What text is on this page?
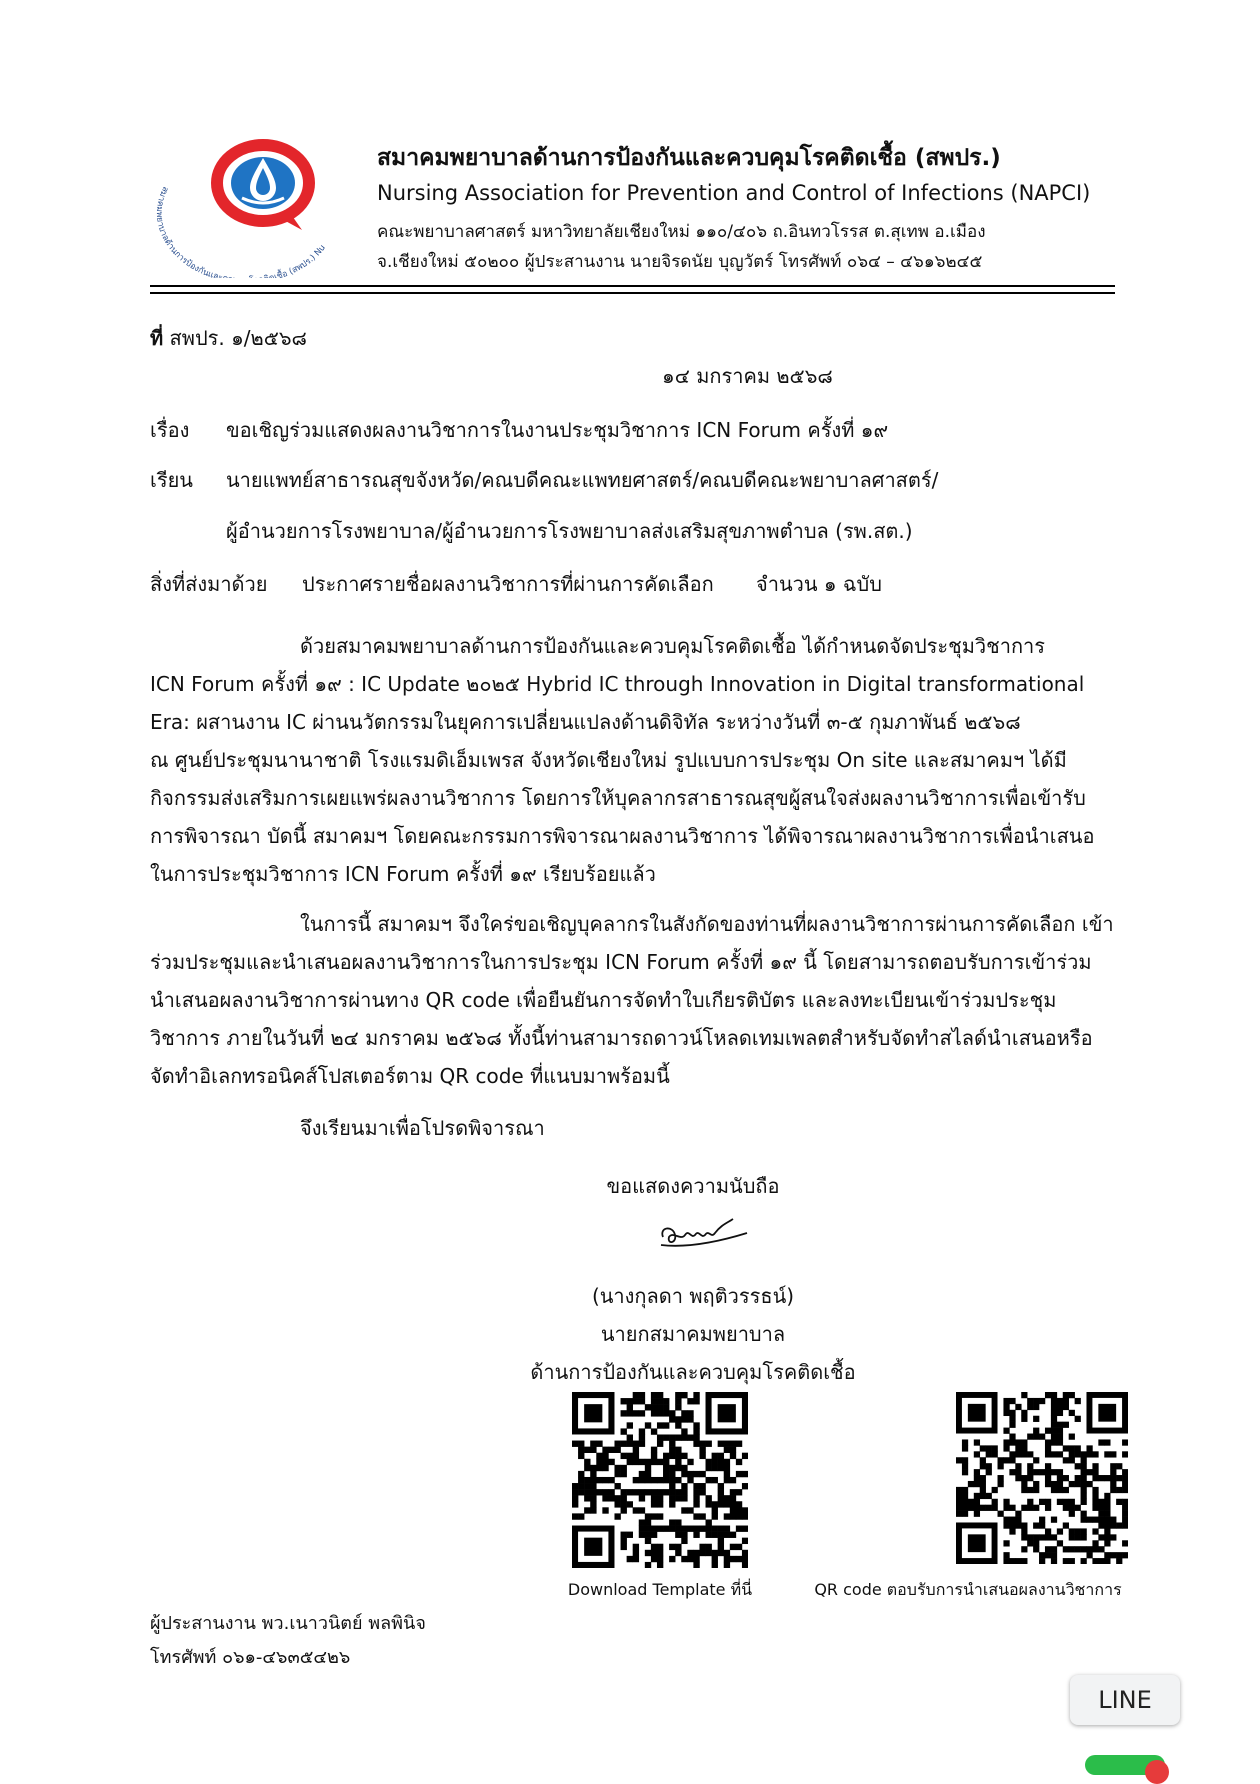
สมาคมพยาบาลด้านการป้องกันและ เชื้อ (สพปร.) Nu
สมาคมพยาบาลด้านการป้องกันและควบคุมโรคติดเชื้อ (สพปร.)
Nursing Association for Prevention and Control of Infections (NAPCI)
คณะพยาบาลศาสตร์ มหาวิทยาลัยเชียงใหม่ ๑๑๐/๔๐๖ ถ.อินทวโรรส ต.สุเทพ อ.เมือง
จ.เชียงใหม่ ๕๐๒๐๐ ผู้ประสานงาน นายจิรดนัย บุญวัตร์ โทรศัพท์ ๐๖๔ – ๔๖๑๖๒๔๕
ที่ สพปร. ๑/๒๕๖๘
๑๔ มกราคม ๒๕๖๘
เรื่อง ขอเชิญร่วมแสดงผลงานวิชาการในงานประชุมวิชาการ ICN Forum ครั้งที่ ๑๙
เรียน นายแพทย์สาธารณสุขจังหวัด/คณบดีคณะแพทยศาสตร์/คณบดีคณะพยาบาลศาสตร์/
ผู้อำนวยการโรงพยาบาล/ผู้อำนวยการโรงพยาบาลส่งเสริมสุขภาพตำบล (รพ.สต.)
สิ่งที่ส่งมาด้วย ประกาศรายชื่อผลงานวิชาการที่ผ่านการคัดเลือก จำนวน ๑ ฉบับ
ด้วยสมาคมพยาบาลด้านการป้องกันและควบคุมโรคติดเชื้อ ได้กำหนดจัดประชุมวิชาการ
ICN Forum ครั้งที่ ๑๙ : IC Update ๒๐๒๕ Hybrid IC through Innovation in Digital transformational
Era: ผสานงาน IC ผ่านนวัตกรรมในยุคการเปลี่ยนแปลงด้านดิจิทัล ระหว่างวันที่ ๓-๕ กุมภาพันธ์ ๒๕๖๘
ณ ศูนย์ประชุมนานาชาติ โรงแรมดิเอ็มเพรส จังหวัดเชียงใหม่ รูปแบบการประชุม On site และสมาคมฯ ได้มี
กิจกรรมส่งเสริมการเผยแพร่ผลงานวิชาการ โดยการให้บุคลากรสาธารณสุขผู้สนใจส่งผลงานวิชาการเพื่อเข้ารับ
การพิจารณา บัดนี้ สมาคมฯ โดยคณะกรรมการพิจารณาผลงานวิชาการ ได้พิจารณาผลงานวิชาการเพื่อนำเสนอ
ในการประชุมวิชาการ ICN Forum ครั้งที่ ๑๙ เรียบร้อยแล้ว
ในการนี้ สมาคมฯ จึงใคร่ขอเชิญบุคลากรในสังกัดของท่านที่ผลงานวิชาการผ่านการคัดเลือก เข้า
ร่วมประชุมและนำเสนอผลงานวิชาการในการประชุม ICN Forum ครั้งที่ ๑๙ นี้ โดยสามารถตอบรับการเข้าร่วม
นำเสนอผลงานวิชาการผ่านทาง QR code เพื่อยืนยันการจัดทำใบเกียรติบัตร และลงทะเบียนเข้าร่วมประชุม
วิชาการ ภายในวันที่ ๒๔ มกราคม ๒๕๖๘ ทั้งนี้ท่านสามารถดาวน์โหลดเทมเพลตสำหรับจัดทำสไลด์นำเสนอหรือ
จัดทำอิเลกทรอนิคส์โปสเตอร์ตาม QR code ที่แนบมาพร้อมนี้
จึงเรียนมาเพื่อโปรดพิจารณา
ขอแสดงความนับถือ
(นางกุลดา พฤติวรรธน์)
นายกสมาคมพยาบาล
ด้านการป้องกันและควบคุมโรคติดเชื้อ
Download Template ที่นี่	QR code ตอบรับการนำเสนอผลงานวิชาการ
ผู้ประสานงาน พว.เนาวนิตย์ พลพินิจ
โทรศัพท์ ๐๖๑-๔๖๓๕๔๒๖
LINE
